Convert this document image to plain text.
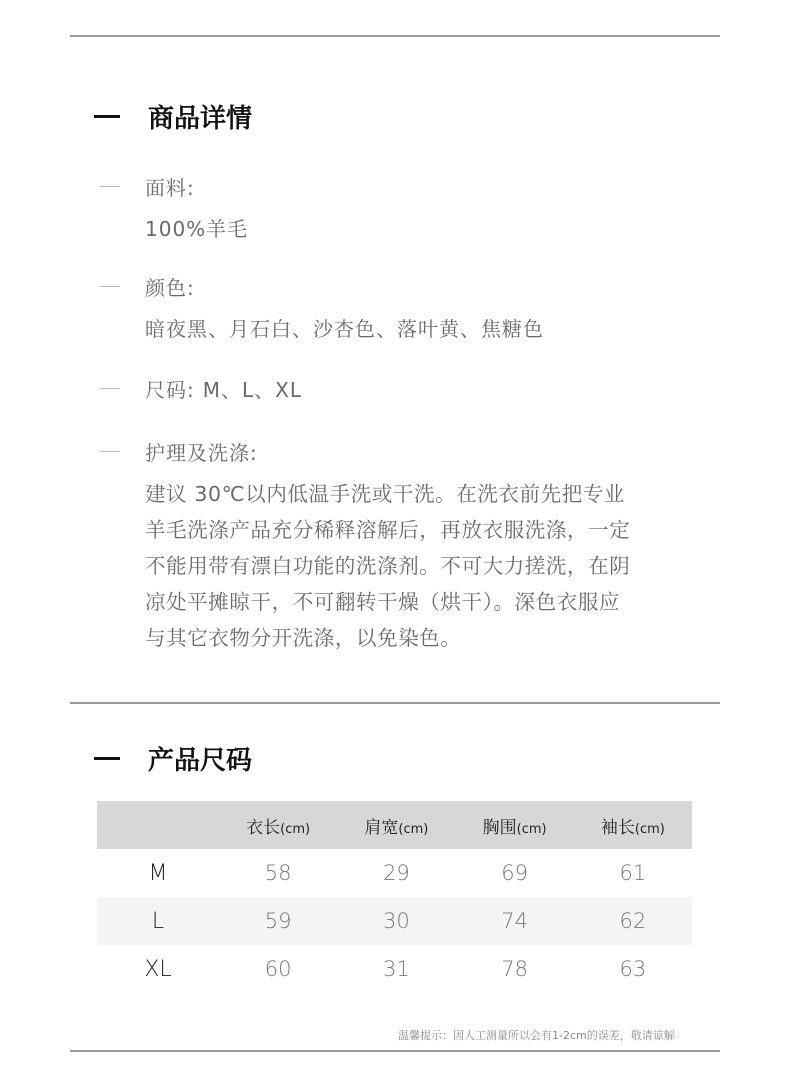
商品详情
面料:
100%羊毛
颜色:
暗夜黑、月石白、沙杏色、落叶黄、焦糖色
尺码: M、L、XL
护理及洗涤:
建议 30℃以内低温手洗或干洗。在洗衣前先把专业
羊毛洗涤产品充分稀释溶解后，再放衣服洗涤，一定
不能用带有漂白功能的洗涤剂。不可大力搓洗，在阴
凉处平摊晾干，不可翻转干燥（烘干）。深色衣服应
与其它衣物分开洗涤，以免染色。
产品尺码
	衣长(cm)	肩宽(cm)	胸围(cm)	袖长(cm)
M	58	29	69	61
L	59	30	74	62
XL	60	31	78	63
温馨提示：因人工测量所以会有1-2cm的误差，敬请谅解
